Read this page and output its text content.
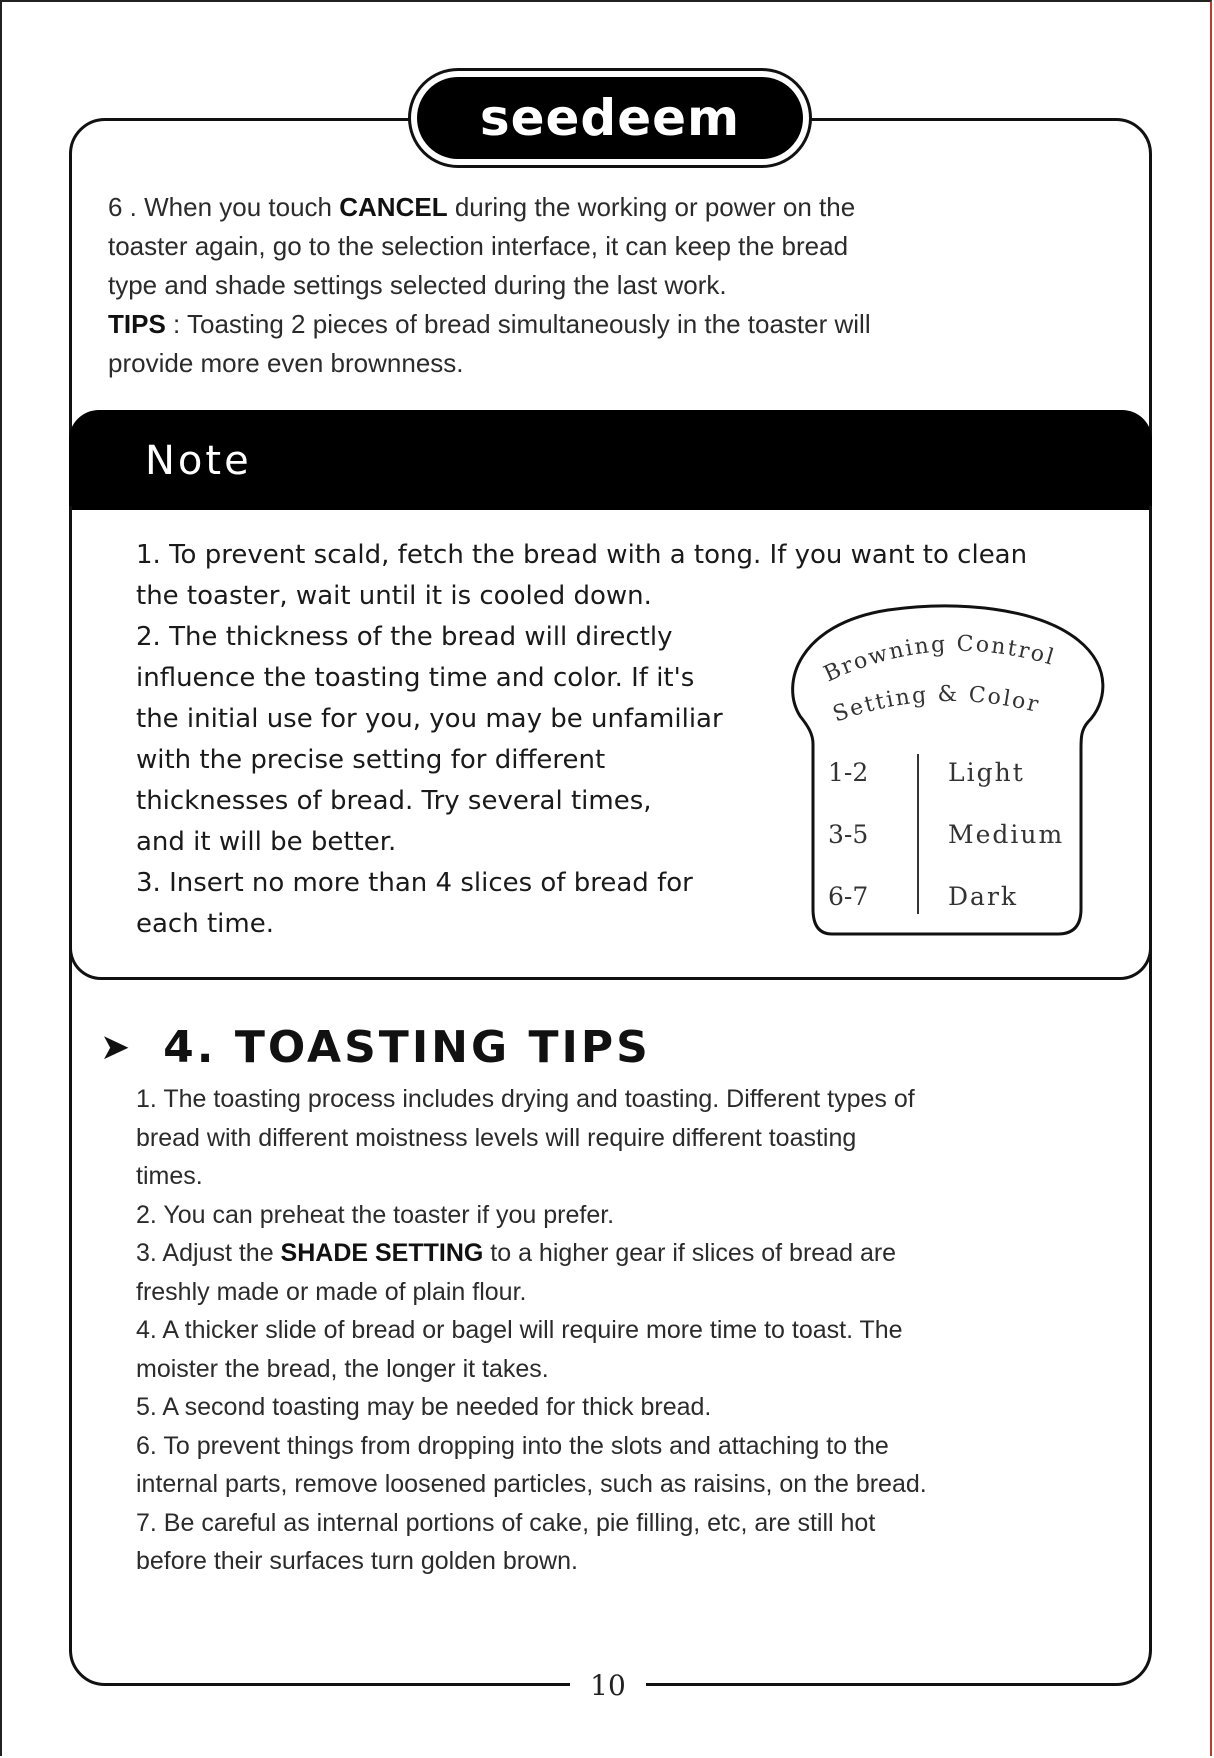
seedeem
6 . When you touch CANCEL during the working or power on the
toaster again, go to the selection interface, it can keep the bread
type and shade settings selected during the last work.
TIPS : Toasting 2 pieces of bread simultaneously in the toaster will
provide more even brownness.
Note

1. To prevent scald, fetch the bread with a tong. If you want to clean

the toaster, wait until it is cooled down.

2. The thickness of the bread will directly

influence the toasting time and color. If it's

the initial use for you, you may be unfamiliar

with the precise setting for different

thicknesses of bread. Try several times,

and it will be better.

3. Insert no more than 4 slices of bread for

each time.

Browning Control
Setting & Color
1-2	Light
3-5	Medium
6-7	Dark
➤ 4. TOASTING TIPS

1. The toasting process includes drying and toasting. Different types of

bread with different moistness levels will require different toasting

times.

2. You can preheat the toaster if you prefer.

3. Adjust the SHADE SETTING to a higher gear if slices of bread are

freshly made or made of plain flour.

4. A thicker slide of bread or bagel will require more time to toast. The

moister the bread, the longer it takes.

5. A second toasting may be needed for thick bread.

6. To prevent things from dropping into the slots and attaching to the

internal parts, remove loosened particles, such as raisins, on the bread.

7. Be careful as internal portions of cake, pie filling, etc, are still hot

before their surfaces turn golden brown.

10
